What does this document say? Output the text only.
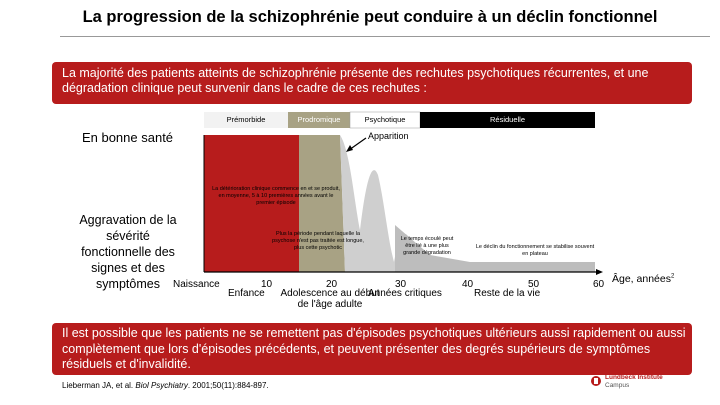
La progression de la schizophrénie peut conduire à un déclin fonctionnel
La majorité des patients atteints de schizophrénie présente des rechutes psychotiques récurrentes, et une dégradation clinique peut survenir dans le cadre de ces rechutes :
Prémorbide	Prodromique	Psychotique	Résiduelle
Apparition
En bonne santé
Aggravation de la sévérité fonctionnelle des signes et des symptômes
La détérioration clinique commence en et se produit, en moyenne, 5 à 10 premières années avant le premier épisode
Plus la période pendant laquelle la psychose n'est pas traitée est longue, plus cette psychotic
Le temps écoulé peut être lié à une plus grande dégradation
Le déclin du fonctionnement se stabilise souvent en plateau
Naissance	10	20	30	40	50	60 Âge, années$^2$
Enfance Adolescence au début de l'âge adulte
Années critiques	Reste de la vie
Il est possible que les patients ne se remettent pas d'épisodes psychotiques ultérieurs aussi rapidement ou aussi complètement que lors d'épisodes précédents, et peuvent présenter des degrés supérieurs de symptômes résiduels et d'invalidité.
Lieberman JA, et al. Biol Psychiatry. 2001;50(11):884-897.
Lundbeck Institute
Campus
